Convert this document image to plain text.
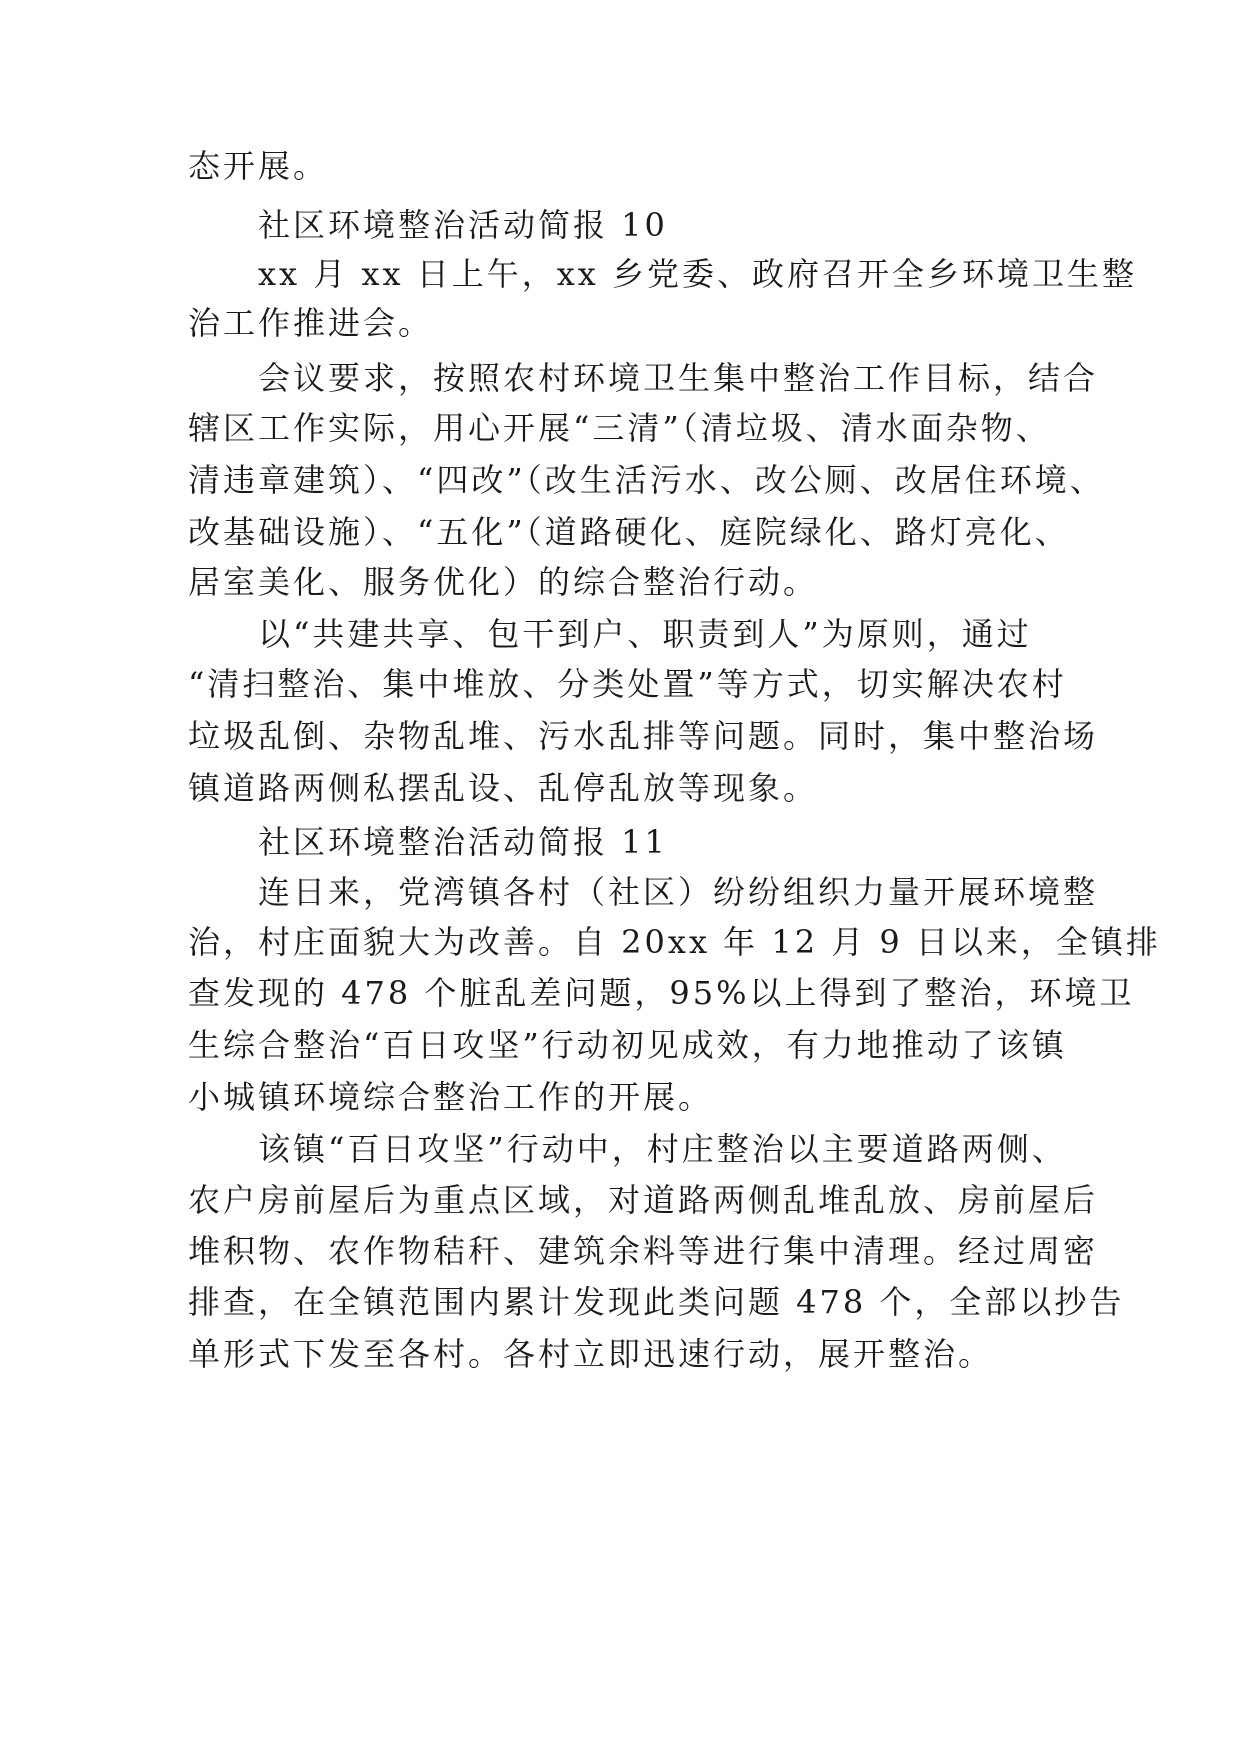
态开展。

社区环境整治活动简报 10

xx 月 xx 日上午，xx 乡党委、政府召开全乡环境卫生整

治工作推进会。

会议要求，按照农村环境卫生集中整治工作目标，结合

辖区工作实际，用心开展“三清”（清垃圾、清水面杂物、

清违章建筑）、“四改”（改生活污水、改公厕、改居住环境、

改基础设施）、“五化”（道路硬化、庭院绿化、路灯亮化、

居室美化、服务优化）的综合整治行动。

以“共建共享、包干到户、职责到人”为原则，通过

“清扫整治、集中堆放、分类处置”等方式，切实解决农村

垃圾乱倒、杂物乱堆、污水乱排等问题。同时，集中整治场

镇道路两侧私摆乱设、乱停乱放等现象。

社区环境整治活动简报 11

连日来，党湾镇各村（社区）纷纷组织力量开展环境整

治，村庄面貌大为改善。自 20xx 年 12 月 9 日以来，全镇排

查发现的 478 个脏乱差问题，95%以上得到了整治，环境卫

生综合整治“百日攻坚”行动初见成效，有力地推动了该镇

小城镇环境综合整治工作的开展。

该镇“百日攻坚”行动中，村庄整治以主要道路两侧、

农户房前屋后为重点区域，对道路两侧乱堆乱放、房前屋后

堆积物、农作物秸秆、建筑余料等进行集中清理。经过周密

排查，在全镇范围内累计发现此类问题 478 个，全部以抄告

单形式下发至各村。各村立即迅速行动，展开整治。
